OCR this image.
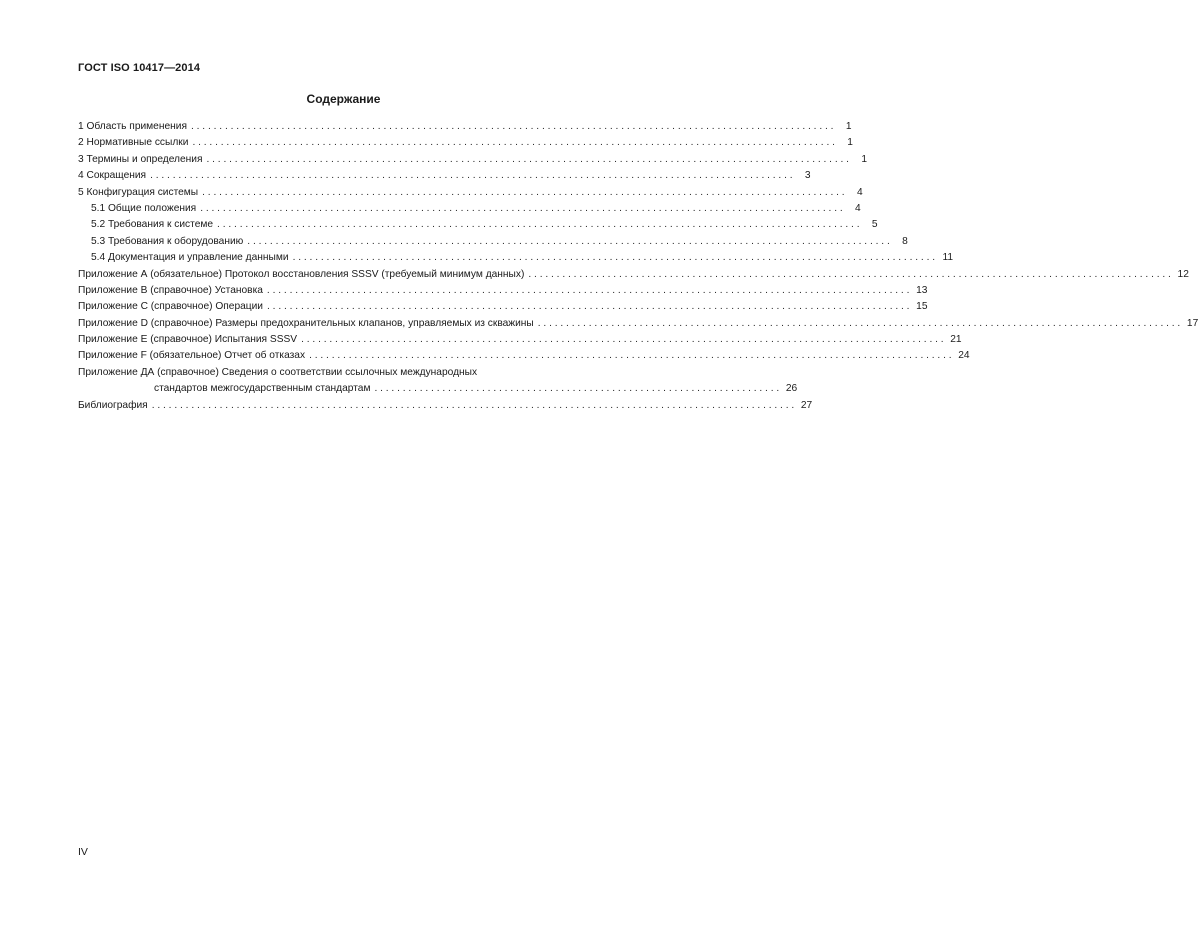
ГОСТ ISO 10417—2014
Содержание
1 Область применения . . .	1
2 Нормативные ссылки . . .	1
3 Термины и определения . . .	1
4 Сокращения . . .	3
5 Конфигурация системы . . .	4
5.1 Общие положения . . .	4
5.2 Требования к системе . . .	5
5.3 Требования к оборудованию . . .	8
5.4 Документация и управление данными . . .	11
Приложение А (обязательное) Протокол восстановления SSSV (требуемый минимум данных) . . .	12
Приложение В (справочное) Установка . . .	13
Приложение С (справочное) Операции . . .	15
Приложение D (справочное) Размеры предохранительных клапанов, управляемых из скважины . . .	17
Приложение Е (справочное) Испытания SSSV . . .	21
Приложение F (обязательное) Отчет об отказах . . .	24
Приложение ДА (справочное) Сведения о соответствии ссылочных международных
стандартов межгосударственным стандартам . . .	26
Библиография . . .	27
IV
